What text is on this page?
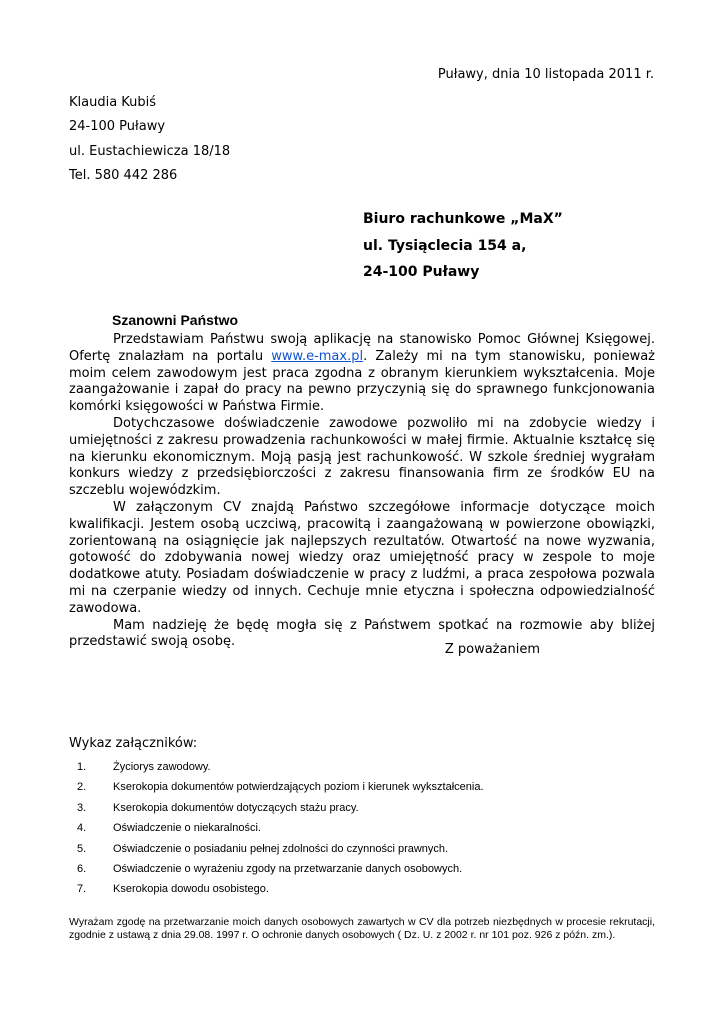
Puławy, dnia 10 listopada 2011 r.
Klaudia Kubiś
24-100 Puławy
ul. Eustachiewicza 18/18
Tel. 580 442 286
Biuro rachunkowe „MaX”
ul. Tysiąclecia 154 a,
24-100 Puławy
Szanowni Państwo

Przedstawiam Państwu swoją aplikację na stanowisko Pomoc Głównej Księgowej. Ofertę znalazłam na portalu www.e-max.pl. Zależy mi na tym stanowisku, ponieważ moim celem zawodowym jest praca zgodna z obranym kierunkiem wykształcenia. Moje zaangażowanie i zapał do pracy na pewno przyczynią się do sprawnego funkcjonowania komórki księgowości w Państwa Firmie.

Dotychczasowe doświadczenie zawodowe pozwoliło mi na zdobycie wiedzy i umiejętności z zakresu prowadzenia rachunkowości w małej firmie. Aktualnie kształcę się na kierunku ekonomicznym. Moją pasją jest rachunkowość. W szkole średniej wygrałam konkurs wiedzy z przedsiębiorczości z zakresu finansowania firm ze środków EU na szczeblu wojewódzkim.

W załączonym CV znajdą Państwo szczegółowe informacje dotyczące moich kwalifikacji. Jestem osobą uczciwą, pracowitą i zaangażowaną w powierzone obowiązki, zorientowaną na osiągnięcie jak najlepszych rezultatów. Otwartość na nowe wyzwania, gotowość do zdobywania nowej wiedzy oraz umiejętność pracy w zespole to moje dodatkowe atuty. Posiadam doświadczenie w pracy z ludźmi, a praca zespołowa pozwala mi na czerpanie wiedzy od innych. Cechuje mnie etyczna i społeczna odpowiedzialność zawodowa.

Mam nadzieję że będę mogła się z Państwem spotkać na rozmowie aby bliżej przedstawić swoją osobę.

Z poważaniem
Wykaz załączników:
1. Życiorys zawodowy.
2. Kserokopia dokumentów potwierdzających poziom i kierunek wykształcenia.
3. Kserokopia dokumentów dotyczących stażu pracy.
4. Oświadczenie o niekaralności.
5. Oświadczenie o posiadaniu pełnej zdolności do czynności prawnych.
6. Oświadczenie o wyrażeniu zgody na przetwarzanie danych osobowych.
7. Kserokopia dowodu osobistego.
Wyrażam zgodę na przetwarzanie moich danych osobowych zawartych w CV dla potrzeb niezbędnych w procesie rekrutacji, zgodnie z ustawą z dnia 29.08. 1997 r. O ochronie danych osobowych ( Dz. U. z 2002 r. nr 101 poz. 926 z późn. zm.).
